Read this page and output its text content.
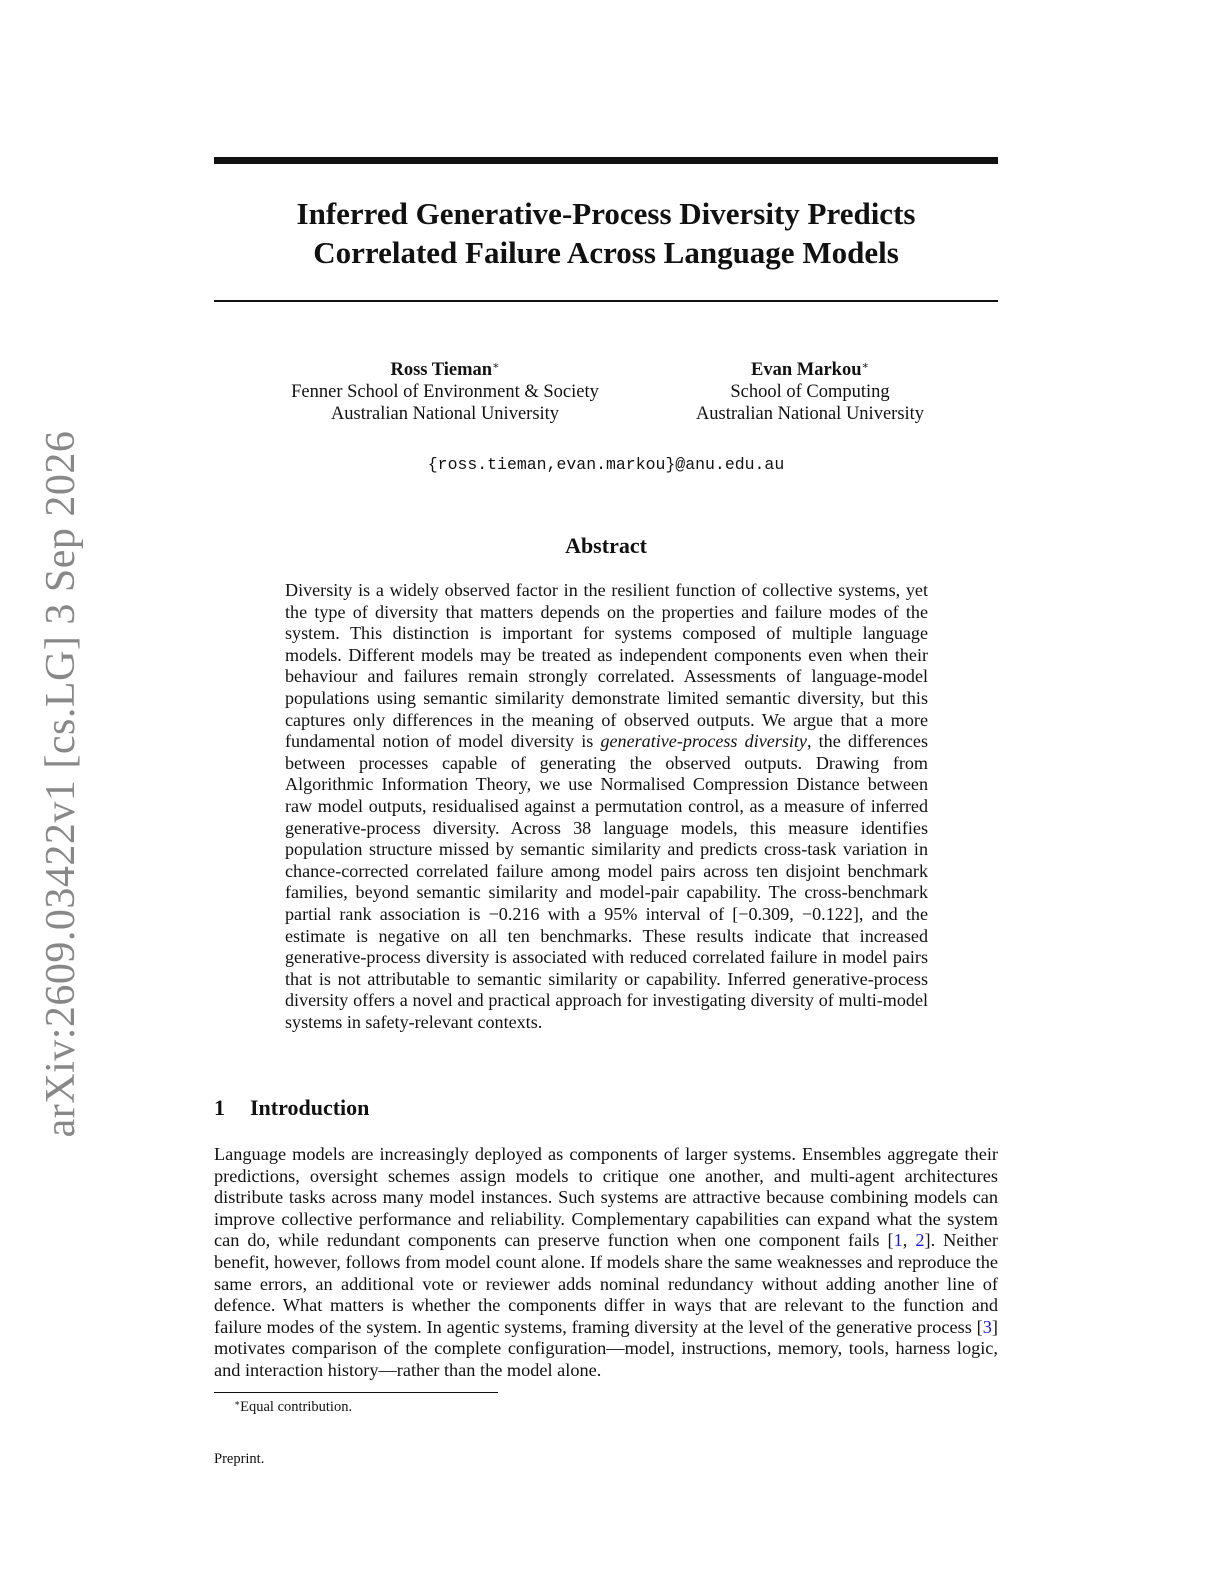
Inferred Generative-Process Diversity Predicts
Correlated Failure Across Language Models
Ross Tieman∗
Fenner School of Environment & Society
Australian National University
Evan Markou∗
School of Computing
Australian National University
{ross.tieman,evan.markou}@anu.edu.au
Abstract

Diversity is a widely observed factor in the resilient function of collective systems, yet the type of diversity that matters depends on the properties and failure modes of the system. This distinction is important for systems composed of multiple language models. Different models may be treated as independent components even when their behaviour and failures remain strongly correlated. Assessments of language-model populations using semantic similarity demonstrate limited semantic diversity, but this captures only differences in the meaning of observed outputs. We argue that a more fundamental notion of model diversity is generative-process diversity, the differences between processes capable of generating the observed outputs. Drawing from Algorithmic Information Theory, we use Normalised Compression Distance between raw model outputs, residualised against a permutation control, as a measure of inferred generative-process diversity. Across 38 language models, this measure identifies population structure missed by semantic similarity and predicts cross-task variation in chance-corrected correlated failure among model pairs across ten disjoint benchmark families, beyond semantic similarity and model-pair capability. The cross-benchmark partial rank association is −0.216 with a 95% interval of [−0.309, −0.122], and the estimate is negative on all ten benchmarks. These results indicate that increased generative-process diversity is associated with reduced correlated failure in model pairs that is not attributable to semantic similarity or capability. Inferred generative-process diversity offers a novel and practical approach for investigating diversity of multi-model systems in safety-relevant contexts.

1 Introduction

Language models are increasingly deployed as components of larger systems. Ensembles aggregate their predictions, oversight schemes assign models to critique one another, and multi-agent architectures distribute tasks across many model instances. Such systems are attractive because combining models can improve collective performance and reliability. Complementary capabilities can expand what the system can do, while redundant components can preserve function when one component fails [1, 2]. Neither benefit, however, follows from model count alone. If models share the same weaknesses and reproduce the same errors, an additional vote or reviewer adds nominal redundancy without adding another line of defence. What matters is whether the components differ in ways that are relevant to the function and failure modes of the system. In agentic systems, framing diversity at the level of the generative process [3] motivates comparison of the complete configuration—model, instructions, memory, tools, harness logic, and interaction history—rather than the model alone.

∗Equal contribution.
Preprint.
arXiv:2609.03422v1 [cs.LG] 3 Sep 2026
